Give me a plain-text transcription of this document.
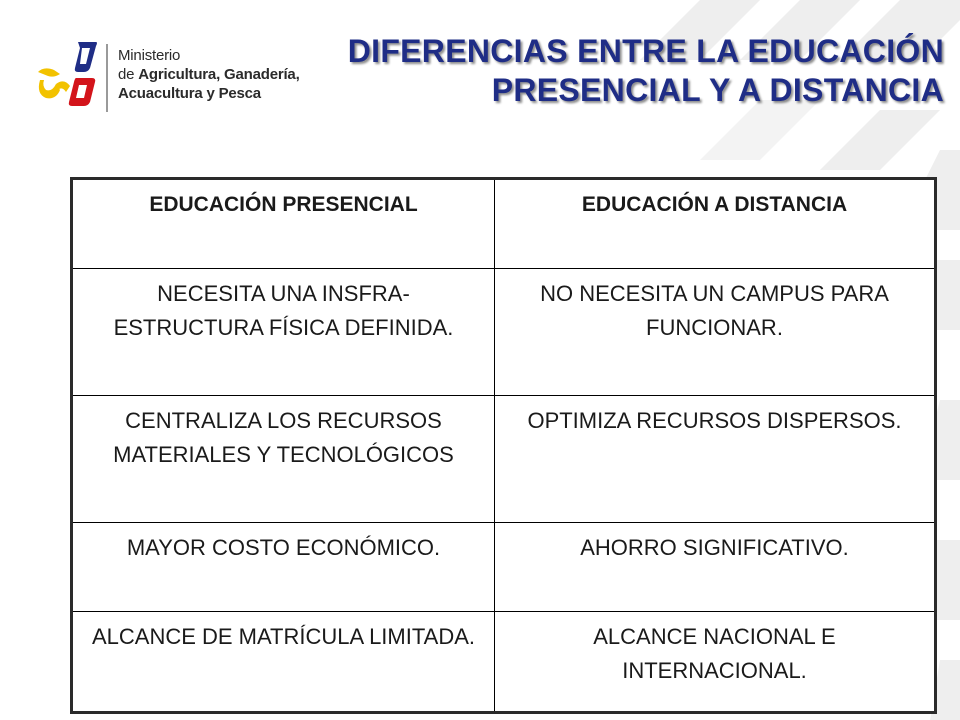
Ministerio
de Agricultura, Ganadería,
Acuacultura y Pesca
DIFERENCIAS ENTRE LA EDUCACIÓN
PRESENCIAL Y A DISTANCIA
EDUCACIÓN PRESENCIAL	EDUCACIÓN A DISTANCIA
NECESITA UNA INSFRA-ESTRUCTURA FÍSICA DEFINIDA.	NO NECESITA UN CAMPUS PARA FUNCIONAR.
CENTRALIZA LOS RECURSOS MATERIALES Y TECNOLÓGICOS	OPTIMIZA RECURSOS DISPERSOS.
MAYOR COSTO ECONÓMICO.	AHORRO SIGNIFICATIVO.
ALCANCE DE MATRÍCULA LIMITADA.	ALCANCE NACIONAL E INTERNACIONAL.
